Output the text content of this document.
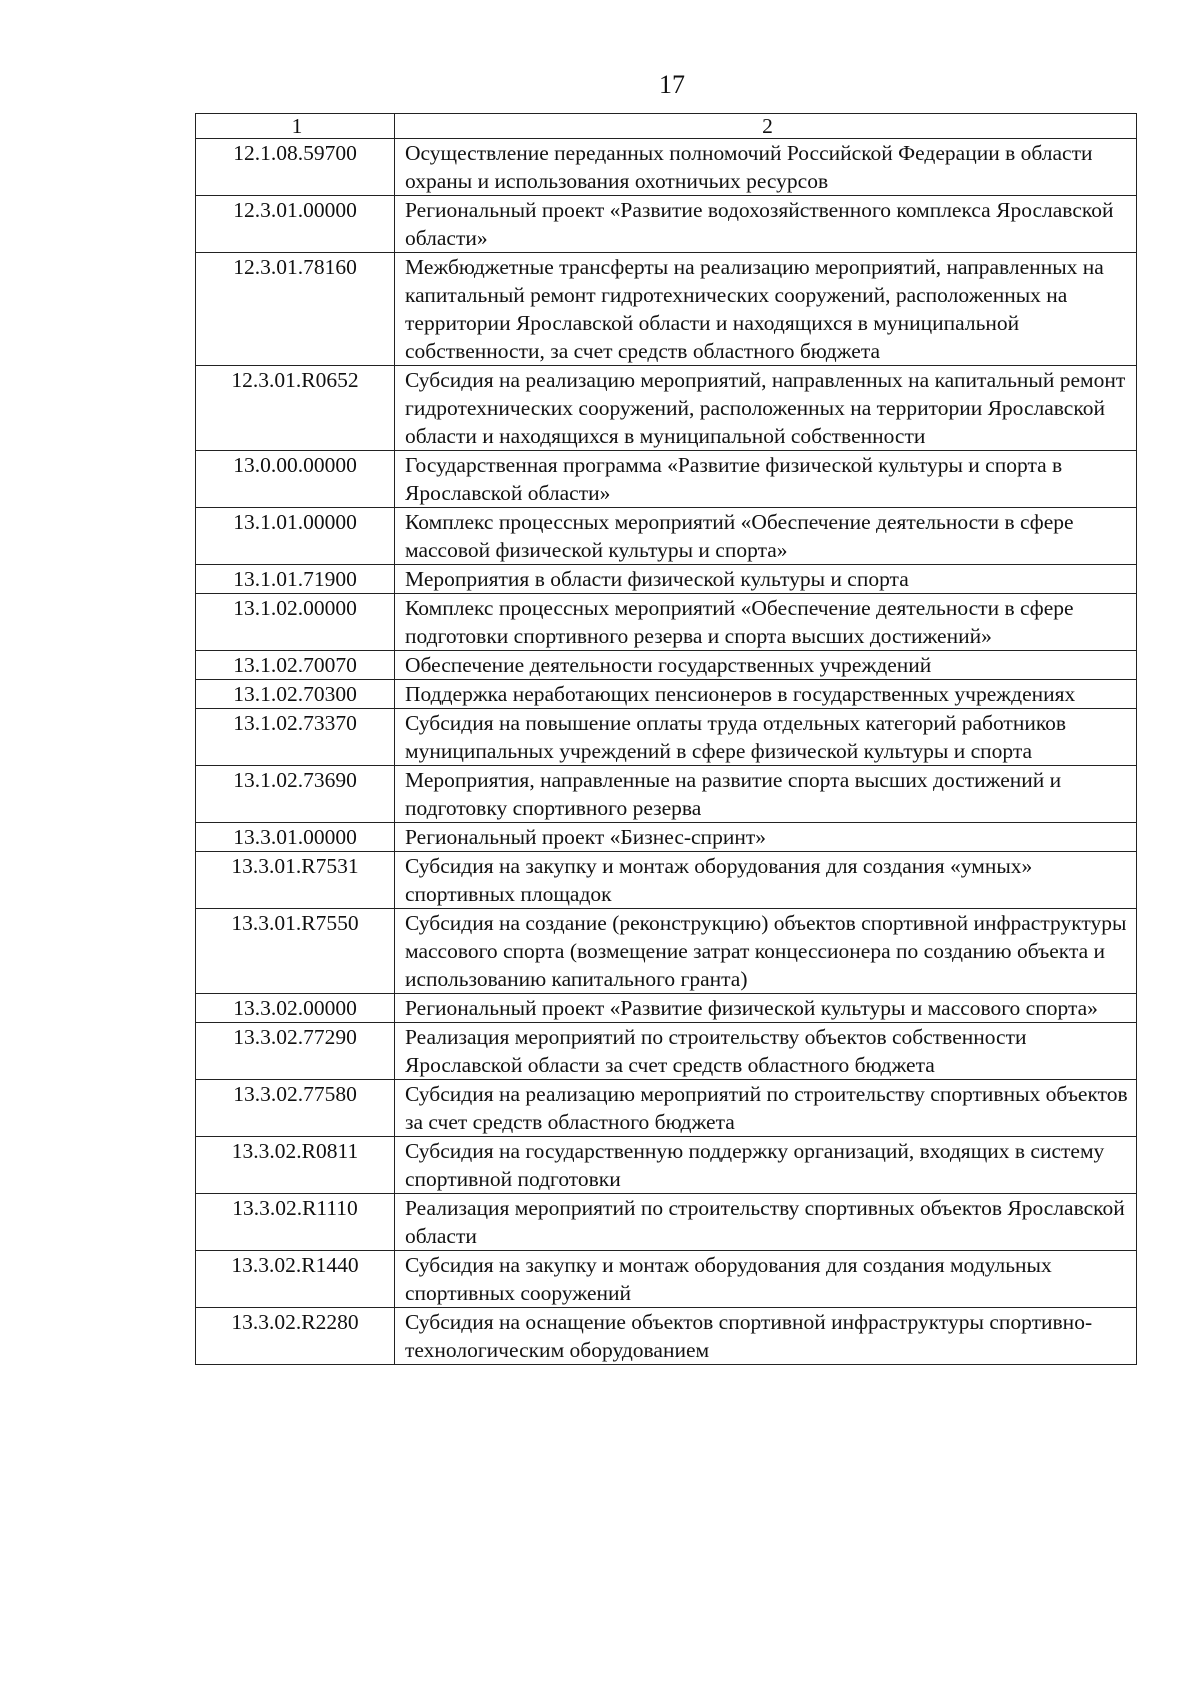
17
1	2
12.1.08.59700	Осуществление переданных полномочий Российской Федерации в области охраны и использования охотничьих ресурсов
12.3.01.00000	Региональный проект «Развитие водохозяйственного комплекса Ярославской области»
12.3.01.78160	Межбюджетные трансферты на реализацию мероприятий, направленных на капитальный ремонт гидротехнических сооружений, расположенных на территории Ярославской области и находящихся в муниципальной собственности, за счет средств областного бюджета
12.3.01.R0652	Субсидия на реализацию мероприятий, направленных на капитальный ремонт гидротехнических сооружений, расположенных на территории Ярославской области и находящихся в муниципальной собственности
13.0.00.00000	Государственная программа «Развитие физической культуры и спорта в Ярославской области»
13.1.01.00000	Комплекс процессных мероприятий «Обеспечение деятельности в сфере массовой физической культуры и спорта»
13.1.01.71900	Мероприятия в области физической культуры и спорта
13.1.02.00000	Комплекс процессных мероприятий «Обеспечение деятельности в сфере подготовки спортивного резерва и спорта высших достижений»
13.1.02.70070	Обеспечение деятельности государственных учреждений
13.1.02.70300	Поддержка неработающих пенсионеров в государственных учреждениях
13.1.02.73370	Субсидия на повышение оплаты труда отдельных категорий работников муниципальных учреждений в сфере физической культуры и спорта
13.1.02.73690	Мероприятия, направленные на развитие спорта высших достижений и подготовку спортивного резерва
13.3.01.00000	Региональный проект «Бизнес-спринт»
13.3.01.R7531	Субсидия на закупку и монтаж оборудования для создания «умных» спортивных площадок
13.3.01.R7550	Субсидия на создание (реконструкцию) объектов спортивной инфраструктуры массового спорта (возмещение затрат концессионера по созданию объекта и использованию капитального гранта)
13.3.02.00000	Региональный проект «Развитие физической культуры и массового спорта»
13.3.02.77290	Реализация мероприятий по строительству объектов собственности Ярославской области за счет средств областного бюджета
13.3.02.77580	Субсидия на реализацию мероприятий по строительству спортивных объектов за счет средств областного бюджета
13.3.02.R0811	Субсидия на государственную поддержку организаций, входящих в систему спортивной подготовки
13.3.02.R1110	Реализация мероприятий по строительству спортивных объектов Ярославской области
13.3.02.R1440	Субсидия на закупку и монтаж оборудования для создания модульных спортивных сооружений
13.3.02.R2280	Субсидия на оснащение объектов спортивной инфраструктуры спортивно-технологическим оборудованием
